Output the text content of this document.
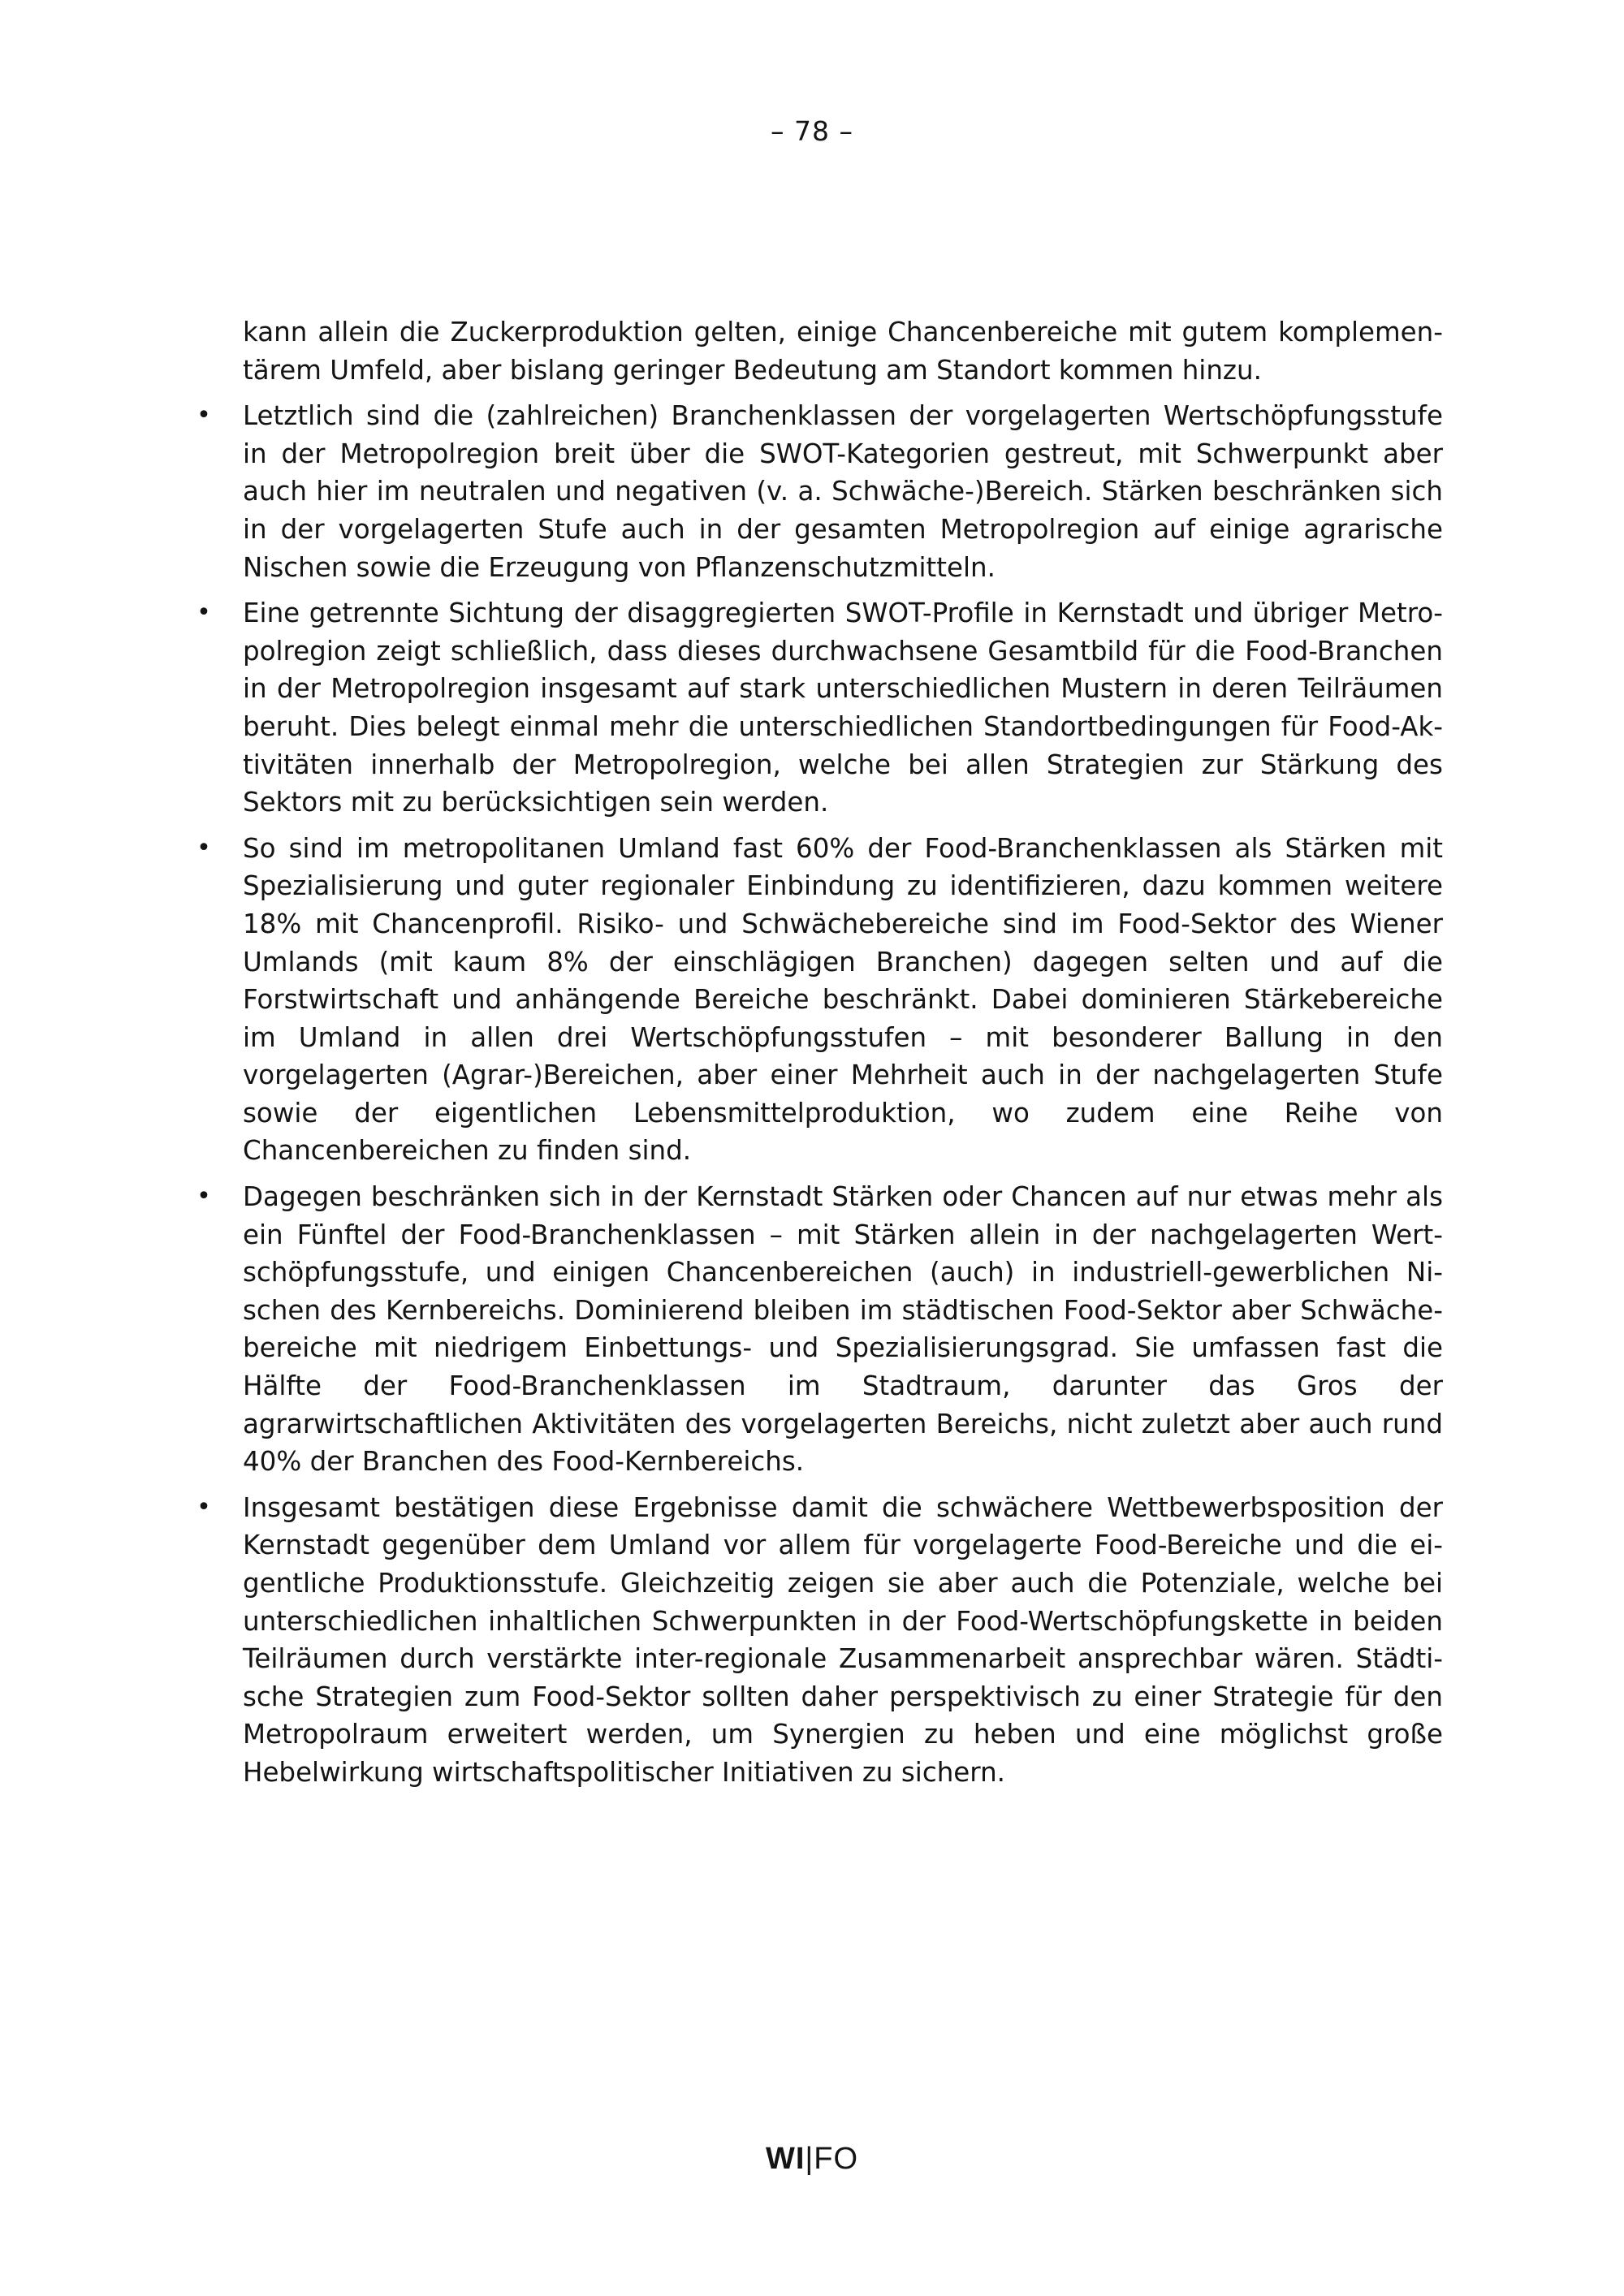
– 78 –

kann allein die Zuckerproduktion gelten, einige Chancenbereiche mit gutem komplementärem Umfeld, aber bislang geringer Bedeutung am Standort kommen hinzu.

• Letztlich sind die (zahlreichen) Branchenklassen der vorgelagerten Wertschöpfungsstufe in der Metropolregion breit über die SWOT-Kategorien gestreut, mit Schwerpunkt aber auch hier im neutralen und negativen (v. a. Schwäche-)Bereich. Stärken beschränken sich in der vorgelagerten Stufe auch in der gesamten Metropolregion auf einige agrarische Nischen sowie die Erzeugung von Pflanzenschutzmitteln.
• Eine getrennte Sichtung der disaggregierten SWOT-Profile in Kernstadt und übriger Metropolregion zeigt schließlich, dass dieses durchwachsene Gesamtbild für die Food-Branchen in der Metropolregion insgesamt auf stark unterschiedlichen Mustern in deren Teilräumen beruht. Dies belegt einmal mehr die unterschiedlichen Standortbedingungen für Food-Aktivitäten innerhalb der Metropolregion, welche bei allen Strategien zur Stärkung des Sektors mit zu berücksichtigen sein werden.
• So sind im metropolitanen Umland fast 60% der Food-Branchenklassen als Stärken mit Spezialisierung und guter regionaler Einbindung zu identifizieren, dazu kommen weitere 18% mit Chancenprofil. Risiko- und Schwächebereiche sind im Food-Sektor des Wiener Umlands (mit kaum 8% der einschlägigen Branchen) dagegen selten und auf die Forstwirtschaft und anhängende Bereiche beschränkt. Dabei dominieren Stärkebereiche im Umland in allen drei Wertschöpfungsstufen – mit besonderer Ballung in den vorgelagerten (Agrar-)Bereichen, aber einer Mehrheit auch in der nachgelagerten Stufe sowie der eigentlichen Lebensmittelproduktion, wo zudem eine Reihe von Chancenbereichen zu finden sind.
• Dagegen beschränken sich in der Kernstadt Stärken oder Chancen auf nur etwas mehr als ein Fünftel der Food-Branchenklassen – mit Stärken allein in der nachgelagerten Wertschöpfungsstufe, und einigen Chancenbereichen (auch) in industriell-gewerblichen Nischen des Kernbereichs. Dominierend bleiben im städtischen Food-Sektor aber Schwächebereiche mit niedrigem Einbettungs- und Spezialisierungsgrad. Sie umfassen fast die Hälfte der Food-Branchenklassen im Stadtraum, darunter das Gros der agrarwirtschaftlichen Aktivitäten des vorgelagerten Bereichs, nicht zuletzt aber auch rund 40% der Branchen des Food-Kernbereichs.
• Insgesamt bestätigen diese Ergebnisse damit die schwächere Wettbewerbsposition der Kernstadt gegenüber dem Umland vor allem für vorgelagerte Food-Bereiche und die eigentliche Produktionsstufe. Gleichzeitig zeigen sie aber auch die Potenziale, welche bei unterschiedlichen inhaltlichen Schwerpunkten in der Food-Wertschöpfungskette in beiden Teilräumen durch verstärkte inter-regionale Zusammenarbeit ansprechbar wären. Städtische Strategien zum Food-Sektor sollten daher perspektivisch zu einer Strategie für den Metropolraum erweitert werden, um Synergien zu heben und eine möglichst große Hebelwirkung wirtschaftspolitischer Initiativen zu sichern.
WI|FO
